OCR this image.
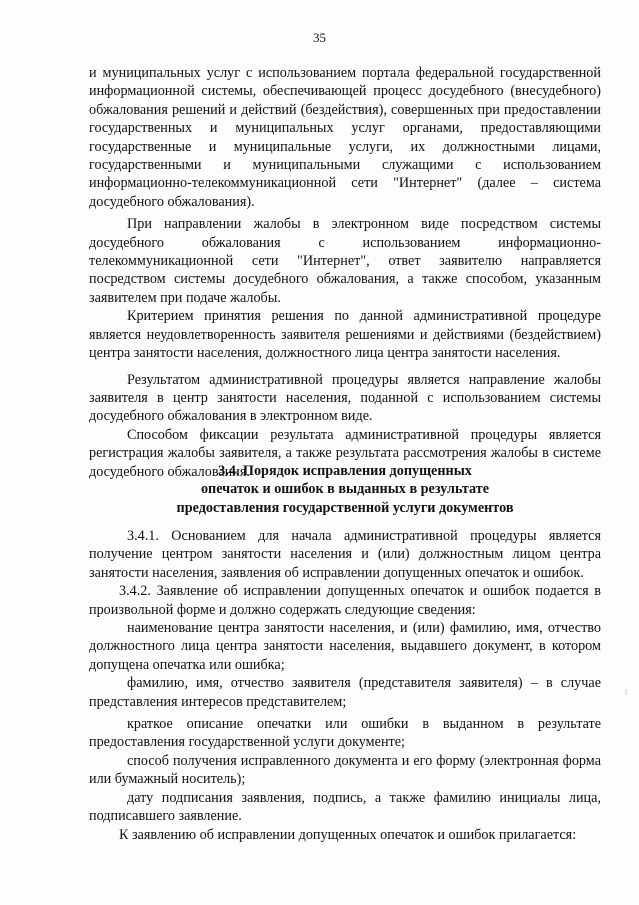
35

и муниципальных услуг с использованием портала федеральной государственной информационной системы, обеспечивающей процесс досудебного (внесудебного) обжалования решений и действий (бездействия), совершенных при предоставлении государственных и муниципальных услуг органами, предоставляющими государственные и муниципальные услуги, их должностными лицами, государственными и муниципальными служащими с использованием информационно-телекоммуникационной сети "Интернет" (далее – система досудебного обжалования).

При направлении жалобы в электронном виде посредством системы досудебного обжалования с использованием информационно-телекоммуникационной сети "Интернет", ответ заявителю направляется посредством системы досудебного обжалования, а также способом, указанным заявителем при подаче жалобы.

Критерием принятия решения по данной административной процедуре является неудовлетворенность заявителя решениями и действиями (бездействием) центра занятости населения, должностного лица центра занятости населения.

Результатом административной процедуры является направление жалобы заявителя в центр занятости населения, поданной с использованием системы досудебного обжалования в электронном виде.

Способом фиксации результата административной процедуры является регистрация жалобы заявителя, а также результата рассмотрения жалобы в системе досудебного обжалования.

3.4. Порядок исправления допущенных

опечаток и ошибок в выданных в результате

предоставления государственной услуги документов

3.4.1. Основанием для начала административной процедуры является получение центром занятости населения и (или) должностным лицом центра занятости населения, заявления об исправлении допущенных опечаток и ошибок.

3.4.2. Заявление об исправлении допущенных опечаток и ошибок подается в произвольной форме и должно содержать следующие сведения:

наименование центра занятости населения, и (или) фамилию, имя, отчество должностного лица центра занятости населения, выдавшего документ, в котором допущена опечатка или ошибка;

фамилию, имя, отчество заявителя (представителя заявителя) – в случае представления интересов представителем;

краткое описание опечатки или ошибки в выданном в результате предоставления государственной услуги документе;

способ получения исправленного документа и его форму (электронная форма или бумажный носитель);

дату подписания заявления, подпись, а также фамилию инициалы лица, подписавшего заявление.

К заявлению об исправлении допущенных опечаток и ошибок прилагается:
